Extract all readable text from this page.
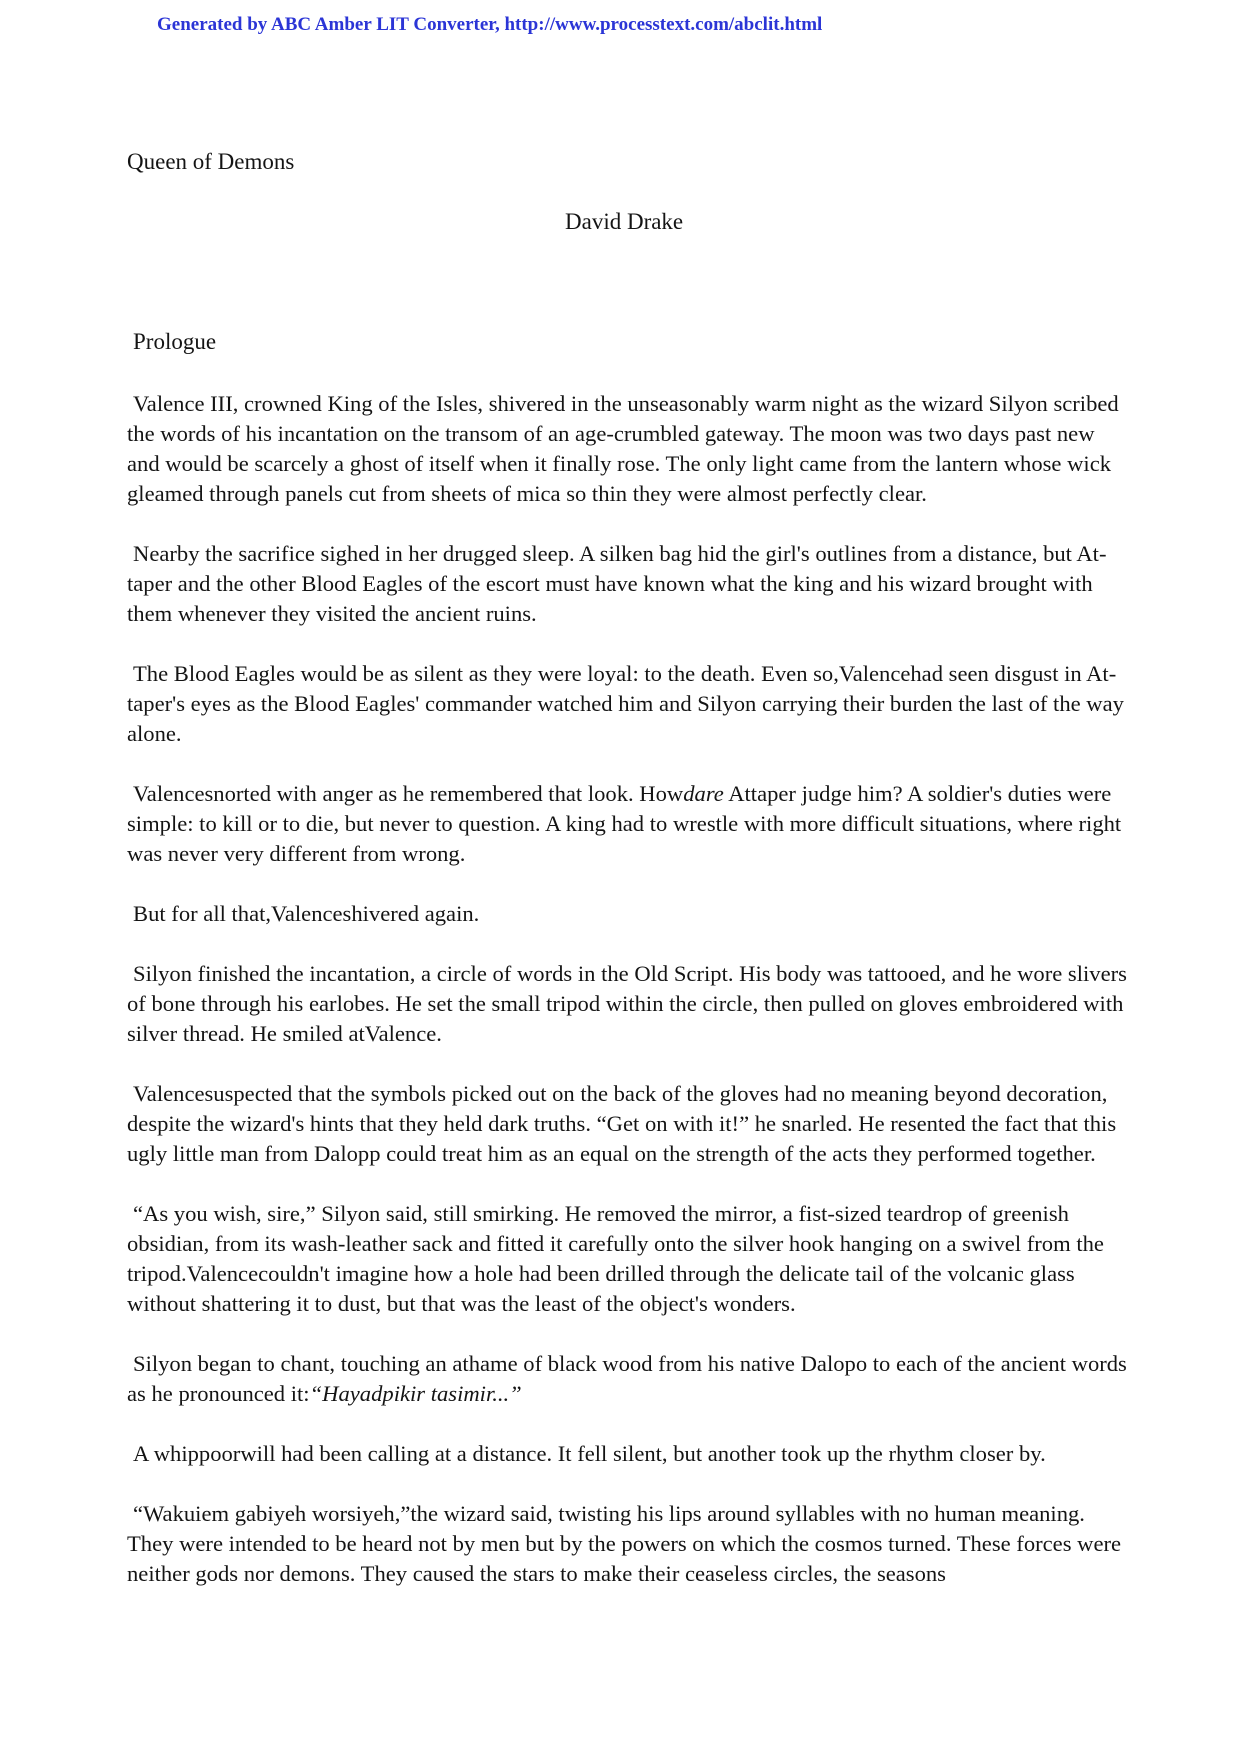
Generated by ABC Amber LIT Converter, http://www.processtext.com/abclit.html
Queen of Demons
David Drake
Prologue

Valence III, crowned King of the Isles, shivered in the unseasonably warm night as the wizard Silyon scribed the words of his incantation on the transom of an age-crumbled gateway. The moon was two days past new and would be scarcely a ghost of itself when it finally rose. The only light came from the lantern whose wick gleamed through panels cut from sheets of mica so thin they were almost perfectly clear.

Nearby the sacrifice sighed in her drugged sleep. A silken bag hid the girl's outlines from a distance, but At-taper and the other Blood Eagles of the escort must have known what the king and his wizard brought with them whenever they visited the ancient ruins.

The Blood Eagles would be as silent as they were loyal: to the death. Even so,Valencehad seen disgust in At-taper's eyes as the Blood Eagles' commander watched him and Silyon carrying their burden the last of the way alone.

Valencesnorted with anger as he remembered that look. Howdare Attaper judge him? A soldier's duties were simple: to kill or to die, but never to question. A king had to wrestle with more difficult situations, where right was never very different from wrong.

But for all that,Valenceshivered again.

Silyon finished the incantation, a circle of words in the Old Script. His body was tattooed, and he wore slivers of bone through his earlobes. He set the small tripod within the circle, then pulled on gloves embroidered with silver thread. He smiled atValence.

Valencesuspected that the symbols picked out on the back of the gloves had no meaning beyond decoration, despite the wizard's hints that they held dark truths. “Get on with it!” he snarled. He resented the fact that this ugly little man from Dalopp could treat him as an equal on the strength of the acts they performed together.

“As you wish, sire,” Silyon said, still smirking. He removed the mirror, a fist-sized teardrop of greenish obsidian, from its wash-leather sack and fitted it carefully onto the silver hook hanging on a swivel from the tripod.Valencecouldn't imagine how a hole had been drilled through the delicate tail of the volcanic glass without shattering it to dust, but that was the least of the object's wonders.

Silyon began to chant, touching an athame of black wood from his native Dalopo to each of the ancient words as he pronounced it:“Hayadpikir tasimir...”

A whippoorwill had been calling at a distance. It fell silent, but another took up the rhythm closer by.

“Wakuiem gabiyeh worsiyeh,”the wizard said, twisting his lips around syllables with no human meaning. They were intended to be heard not by men but by the powers on which the cosmos turned. These forces were neither gods nor demons. They caused the stars to make their ceaseless circles, the seasons
